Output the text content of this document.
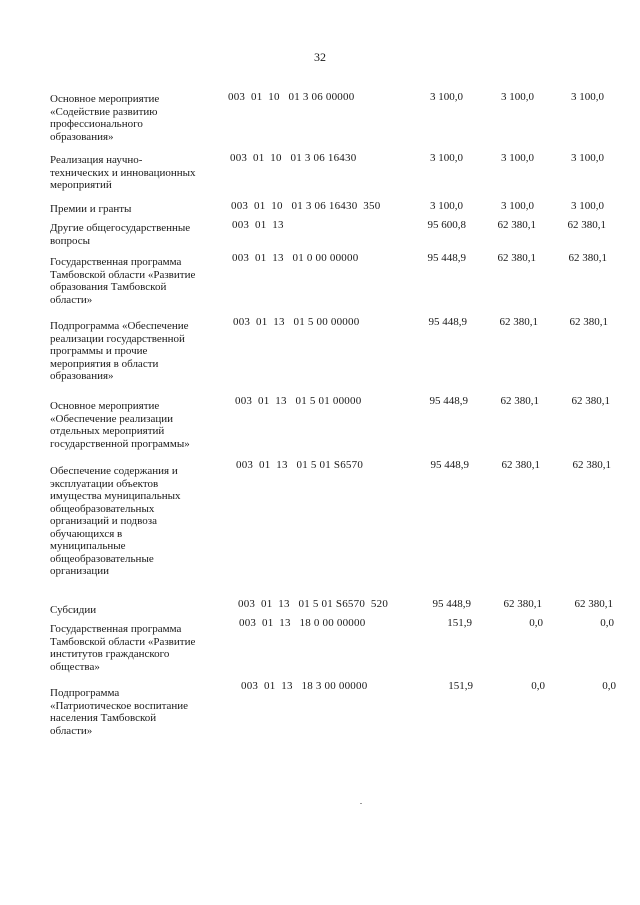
32
Основное мероприятие
«Содействие развитию
профессионального
образования»
003  01  10   01 3 06 00000	3 100,0	3 100,0	3 100,0
Реализация научно-
технических и инновационных
мероприятий
003  01  10   01 3 06 16430	3 100,0	3 100,0	3 100,0
Премии и гранты	003  01  10   01 3 06 16430  350	3 100,0	3 100,0	3 100,0
Другие общегосударственные
вопросы
003  01  13	95 600,8	62 380,1	62 380,1
Государственная программа
Тамбовской области «Развитие
образования Тамбовской
области»
003  01  13   01 0 00 00000	95 448,9	62 380,1	62 380,1
Подпрограмма «Обеспечение
реализации государственной
программы и прочие
мероприятия в области
образования»
003  01  13   01 5 00 00000	95 448,9	62 380,1	62 380,1
Основное мероприятие
«Обеспечение реализации
отдельных мероприятий
государственной программы»
003  01  13   01 5 01 00000	95 448,9	62 380,1	62 380,1
Обеспечение содержания и
эксплуатации объектов
имущества муниципальных
общеобразовательных
организаций и подвоза
обучающихся в
муниципальные
общеобразовательные
организации
003  01  13   01 5 01 S6570	95 448,9	62 380,1	62 380,1
Субсидии	003  01  13   01 5 01 S6570  520	95 448,9	62 380,1	62 380,1
Государственная программа
Тамбовской области «Развитие
институтов гражданского
общества»
003  01  13   18 0 00 00000	151,9	0,0	0,0
Подпрограмма
«Патриотическое воспитание
населения Тамбовской
области»
003  01  13   18 3 00 00000	151,9	0,0	0,0
